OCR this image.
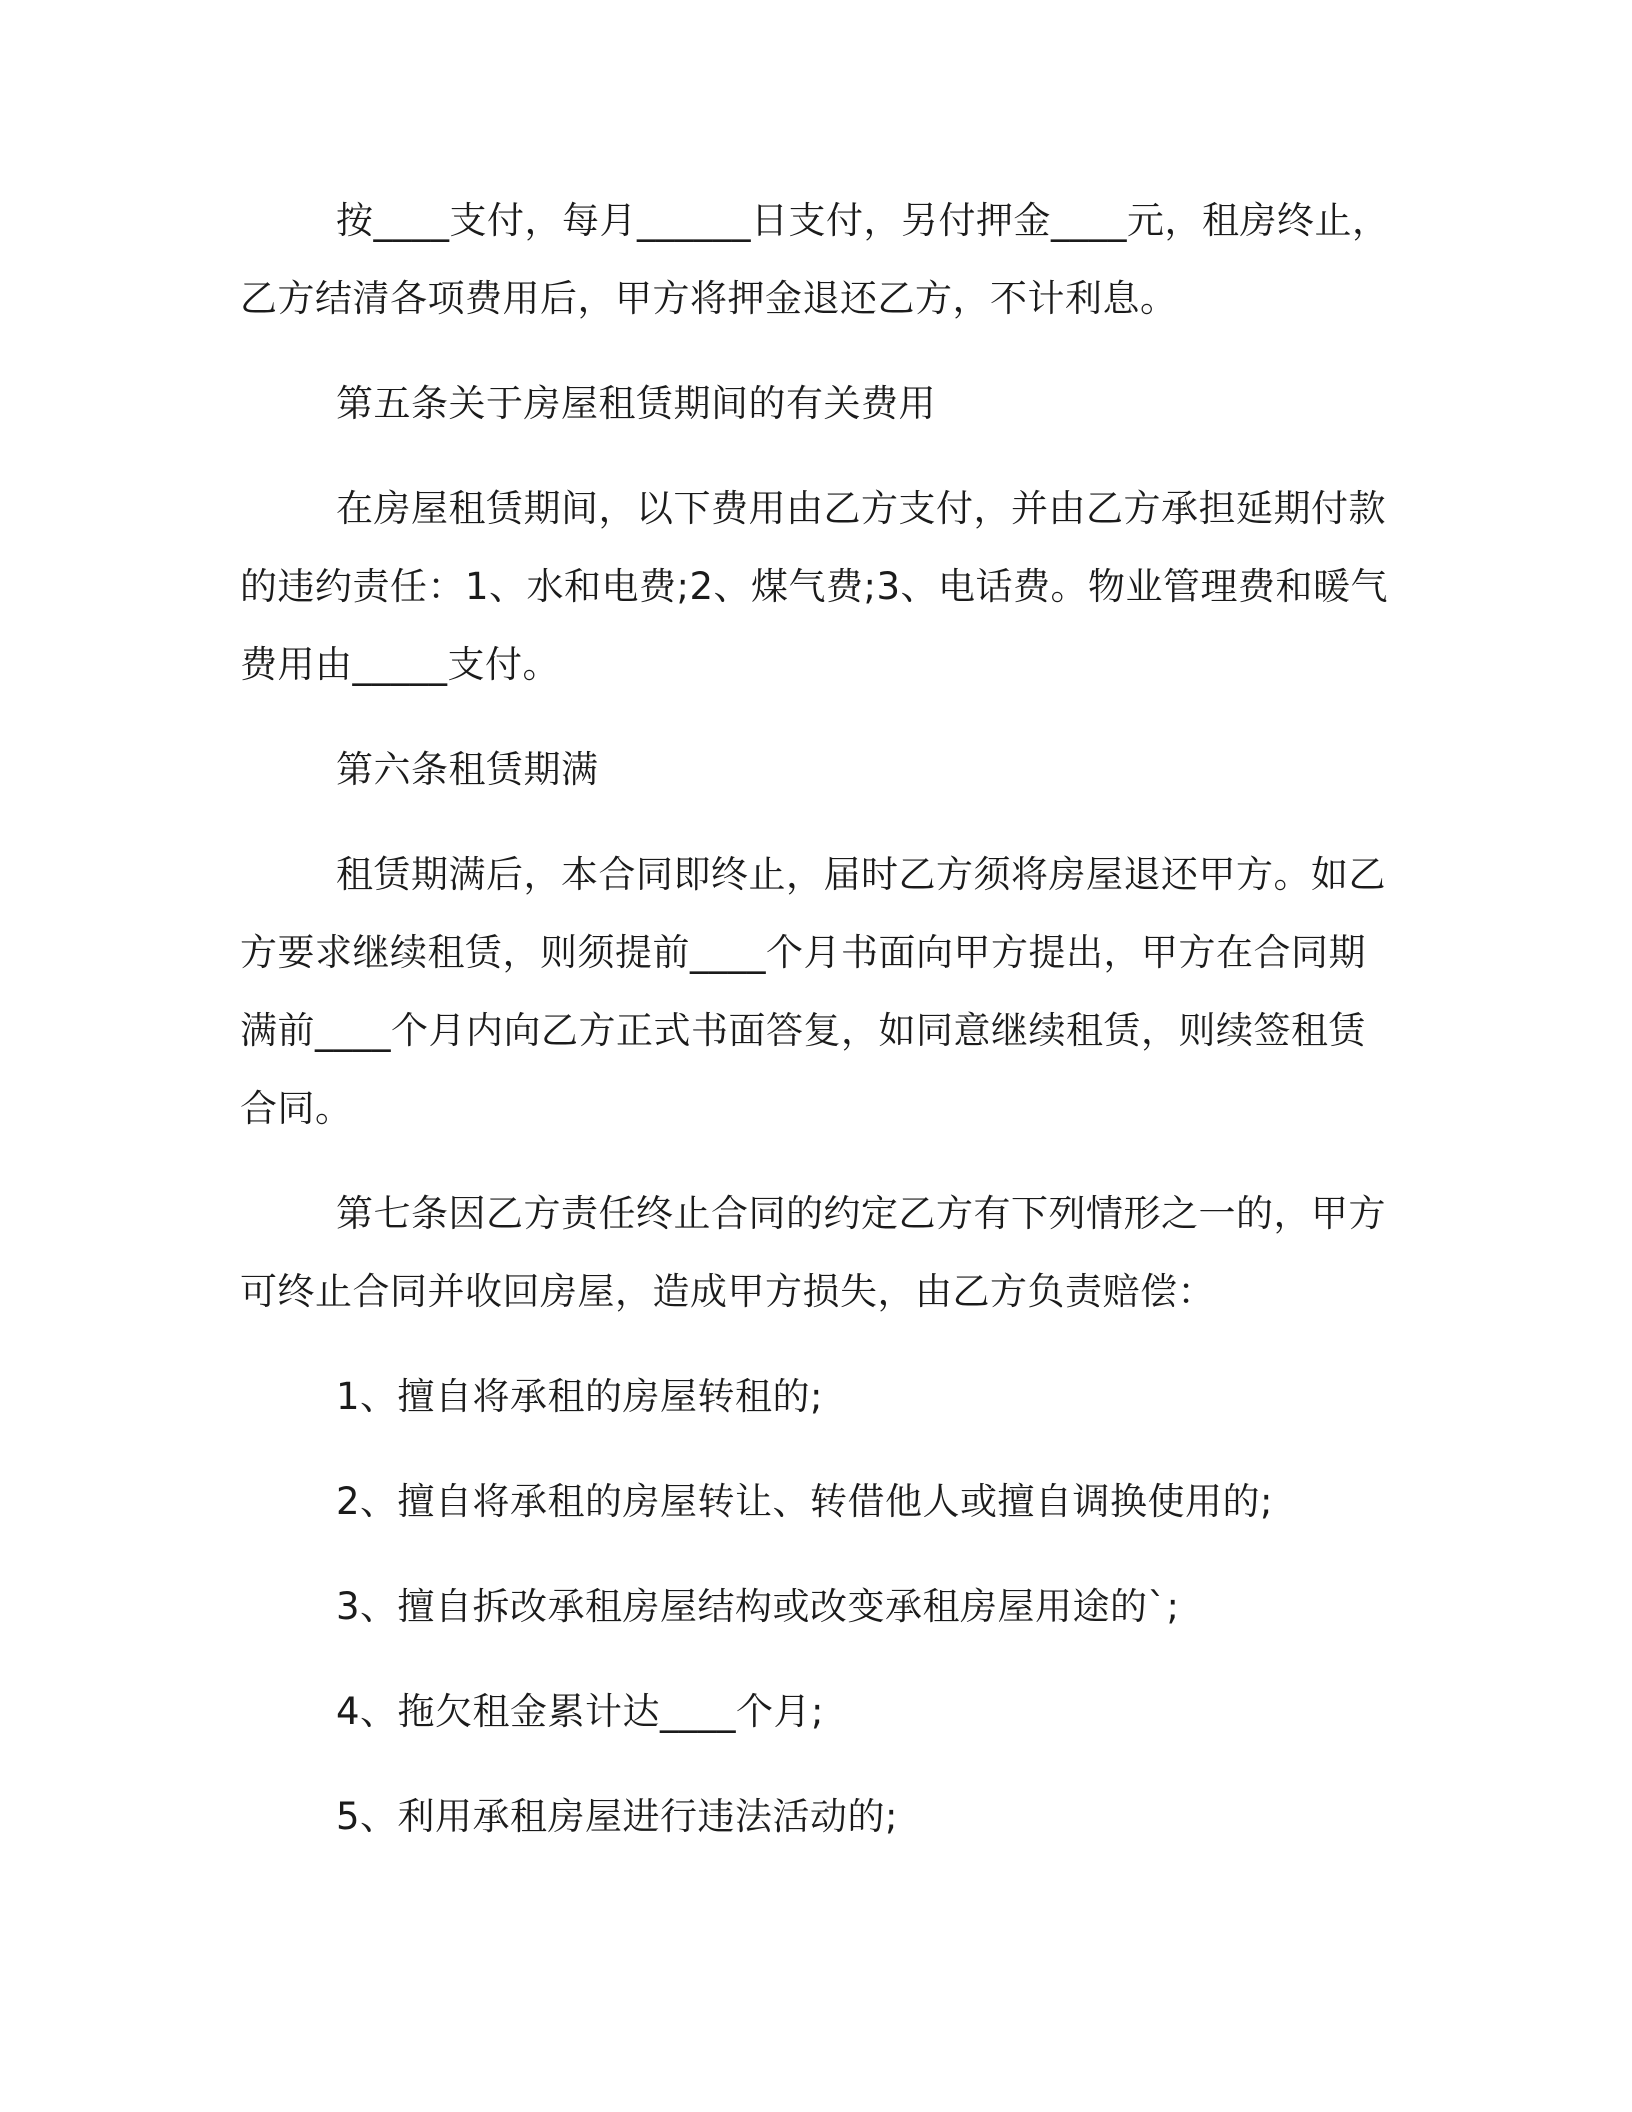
按____支付，每月______日支付，另付押金____元，租房终止，乙方结清各项费用后，甲方将押金退还乙方，不计利息。

第五条关于房屋租赁期间的有关费用

在房屋租赁期间，以下费用由乙方支付，并由乙方承担延期付款的违约责任：1、水和电费;2、煤气费;3、电话费。物业管理费和暖气费用由_____支付。

第六条租赁期满

租赁期满后，本合同即终止，届时乙方须将房屋退还甲方。如乙方要求继续租赁，则须提前____个月书面向甲方提出，甲方在合同期满前____个月内向乙方正式书面答复，如同意继续租赁，则续签租赁合同。

第七条因乙方责任终止合同的约定乙方有下列情形之一的，甲方可终止合同并收回房屋，造成甲方损失，由乙方负责赔偿：

1、擅自将承租的房屋转租的;

2、擅自将承租的房屋转让、转借他人或擅自调换使用的;

3、擅自拆改承租房屋结构或改变承租房屋用途的`;

4、拖欠租金累计达____个月;

5、利用承租房屋进行违法活动的;
